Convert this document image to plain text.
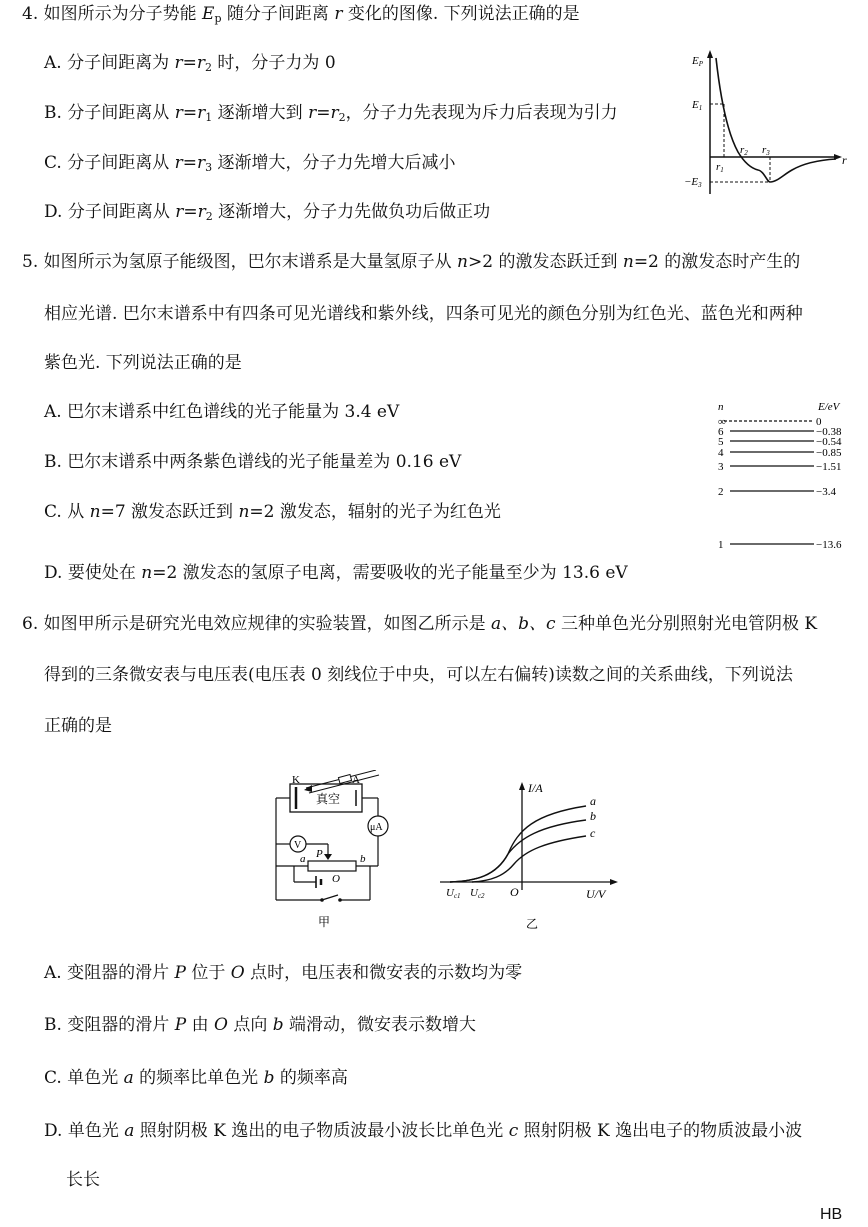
4. 如图所示为分子势能 $E_p$ 随分子间距离 r 变化的图像. 下列说法正确的是
A. 分子间距离为 $r=r_2$ 时，分子力为 0
B. 分子间距离从 $r=r_1$ 逐渐增大到 $r=r_2$，分子力先表现为斥力后表现为引力
C. 分子间距离从 $r=r_3$ 逐渐增大，分子力先增大后减小
D. 分子间距离从 $r=r_2$ 逐渐增大，分子力先做负功后做正功
EP
r
E1
r1
r2 r3
−E3
5. 如图所示为氢原子能级图，巴尔末谱系是大量氢原子从 n>2 的激发态跃迁到 n=2 的激发态时产生的
相应光谱. 巴尔末谱系中有四条可见光谱线和紫外线，四条可见光的颜色分别为红色光、蓝色光和两种
紫色光. 下列说法正确的是
A. 巴尔末谱系中红色谱线的光子能量为 3.4 eV
B. 巴尔末谱系中两条紫色谱线的光子能量差为 0.16 eV
C. 从 n=7 激发态跃迁到 n=2 激发态，辐射的光子为红色光
D. 要使处在 n=2 激发态的氢原子电离，需要吸收的光子能量至少为 13.6 eV
n	E/eV
∞	0
6	−0.38
5	−0.54
4	−0.85
3	−1.51
2	−3.4
1	−13.6
6. 如图甲所示是研究光电效应规律的实验装置，如图乙所示是 a、b、c 三种单色光分别照射光电管阴极 K
得到的三条微安表与电压表(电压表 0 刻线位于中央，可以左右偏转)读数之间的关系曲线，下列说法
正确的是
K	A
真空
μA
V
a P	b
O
甲
I/A
U/V
a
b
c
O
Uc1 Uc2
乙
A. 变阻器的滑片 P 位于 O 点时，电压表和微安表的示数均为零
B. 变阻器的滑片 P 由 O 点向 b 端滑动，微安表示数增大
C. 单色光 a 的频率比单色光 b 的频率高
D. 单色光 a 照射阴极 K 逸出的电子物质波最小波长比单色光 c 照射阴极 K 逸出电子的物质波最小波
长长
HB
